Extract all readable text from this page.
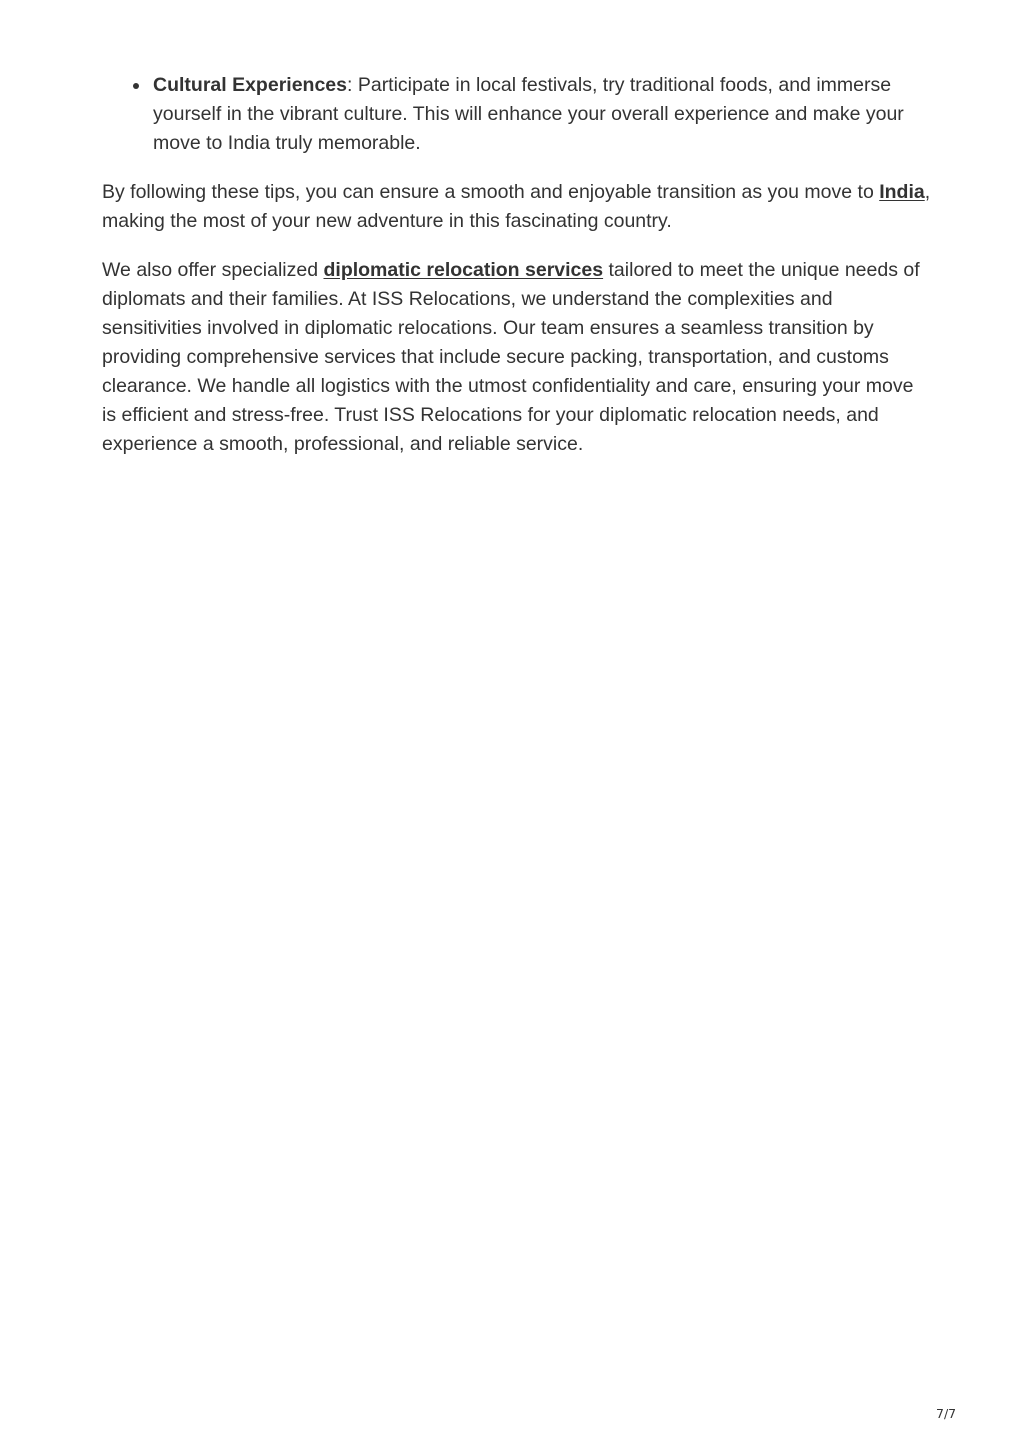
Cultural Experiences: Participate in local festivals, try traditional foods, and immerse yourself in the vibrant culture. This will enhance your overall experience and make your move to India truly memorable.

By following these tips, you can ensure a smooth and enjoyable transition as you move to India, making the most of your new adventure in this fascinating country.

We also offer specialized diplomatic relocation services tailored to meet the unique needs of diplomats and their families. At ISS Relocations, we understand the complexities and sensitivities involved in diplomatic relocations. Our team ensures a seamless transition by providing comprehensive services that include secure packing, transportation, and customs clearance. We handle all logistics with the utmost confidentiality and care, ensuring your move is efficient and stress-free. Trust ISS Relocations for your diplomatic relocation needs, and experience a smooth, professional, and reliable service.

7/7
